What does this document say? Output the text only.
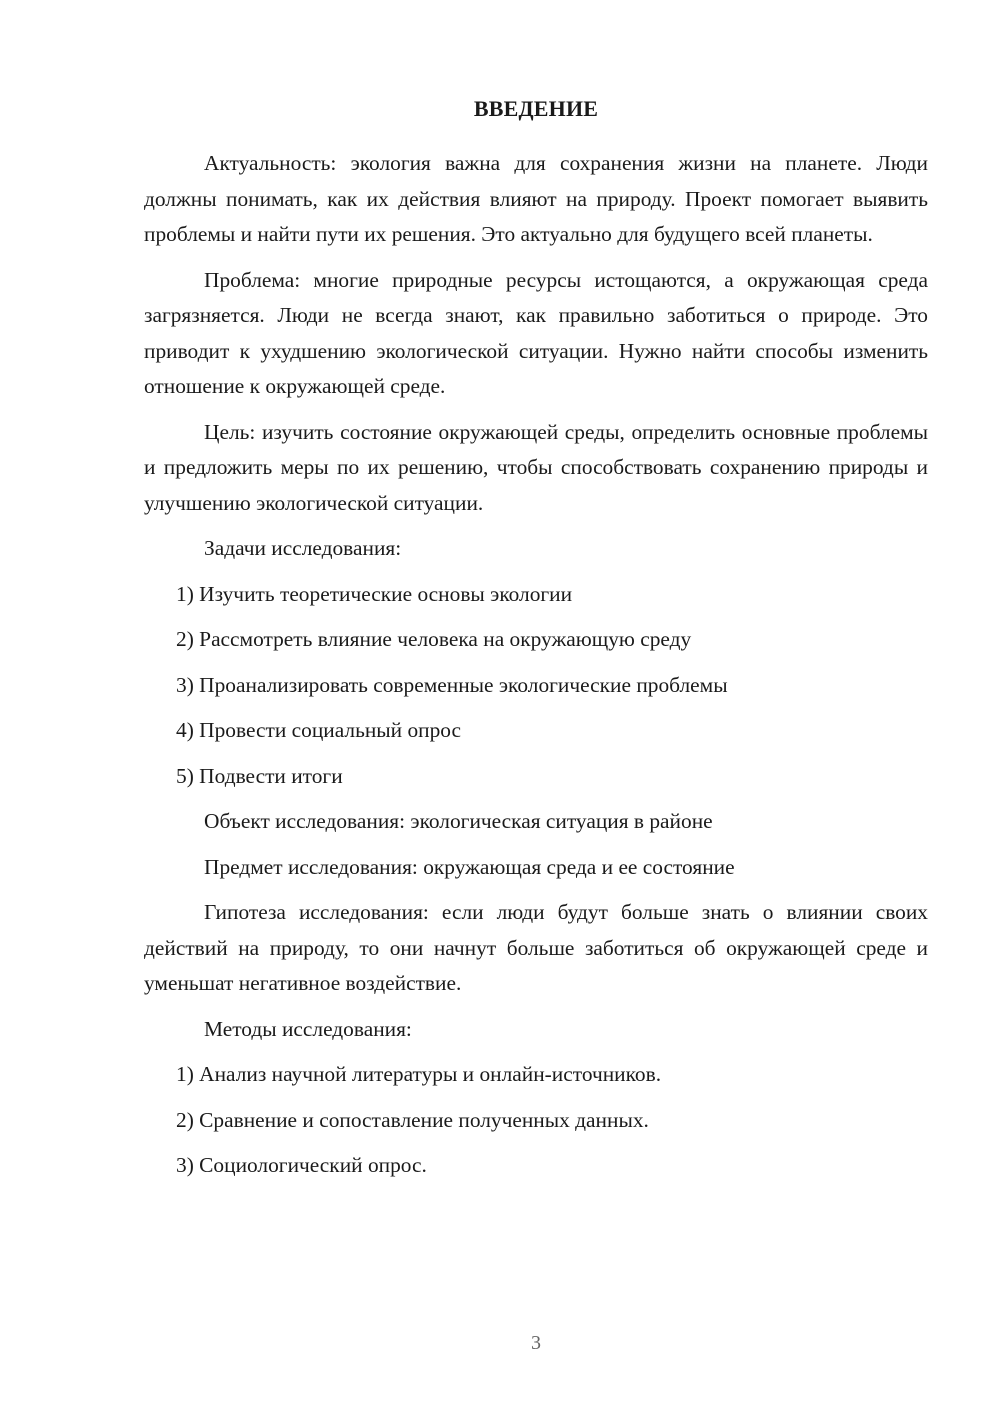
ВВЕДЕНИЕ

Актуальность: экология важна для сохранения жизни на планете. Люди должны понимать, как их действия влияют на природу. Проект помогает выявить проблемы и найти пути их решения. Это актуально для будущего всей планеты.

Проблема: многие природные ресурсы истощаются, а окружающая среда загрязняется. Люди не всегда знают, как правильно заботиться о природе. Это приводит к ухудшению экологической ситуации. Нужно найти способы изменить отношение к окружающей среде.

Цель: изучить состояние окружающей среды, определить основные проблемы и предложить меры по их решению, чтобы способствовать сохранению природы и улучшению экологической ситуации.

Задачи исследования:

1) Изучить теоретические основы экологии

2) Рассмотреть влияние человека на окружающую среду

3) Проанализировать современные экологические проблемы

4) Провести социальный опрос

5) Подвести итоги

Объект исследования: экологическая ситуация в районе

Предмет исследования: окружающая среда и ее состояние

Гипотеза исследования: если люди будут больше знать о влиянии своих действий на природу, то они начнут больше заботиться об окружающей среде и уменьшат негативное воздействие.

Методы исследования:

1) Анализ научной литературы и онлайн-источников.

2) Сравнение и сопоставление полученных данных.

3) Социологический опрос.

3
